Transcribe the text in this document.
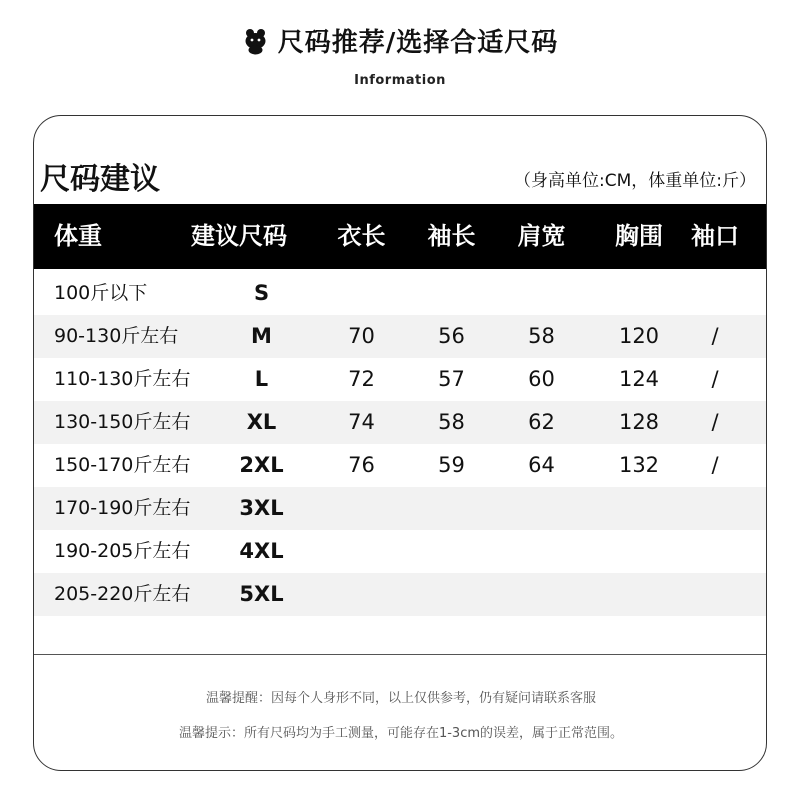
尺码推荐/选择合适尺码
Information
尺码建议	（身高单位:CM，体重单位:斤）
体重	建议尺码	衣长	袖长	肩宽	胸围	袖口
100斤以下	S
90-130斤左右	M	70	56	58	120	/
110-130斤左右	L	72	57	60	124	/
130-150斤左右	XL	74	58	62	128	/
150-170斤左右	2XL	76	59	64	132	/
170-190斤左右	3XL
190-205斤左右	4XL
205-220斤左右	5XL
温馨提醒：因每个人身形不同，以上仅供参考，仍有疑问请联系客服
温馨提示：所有尺码均为手工测量，可能存在1-3cm的误差，属于正常范围。
